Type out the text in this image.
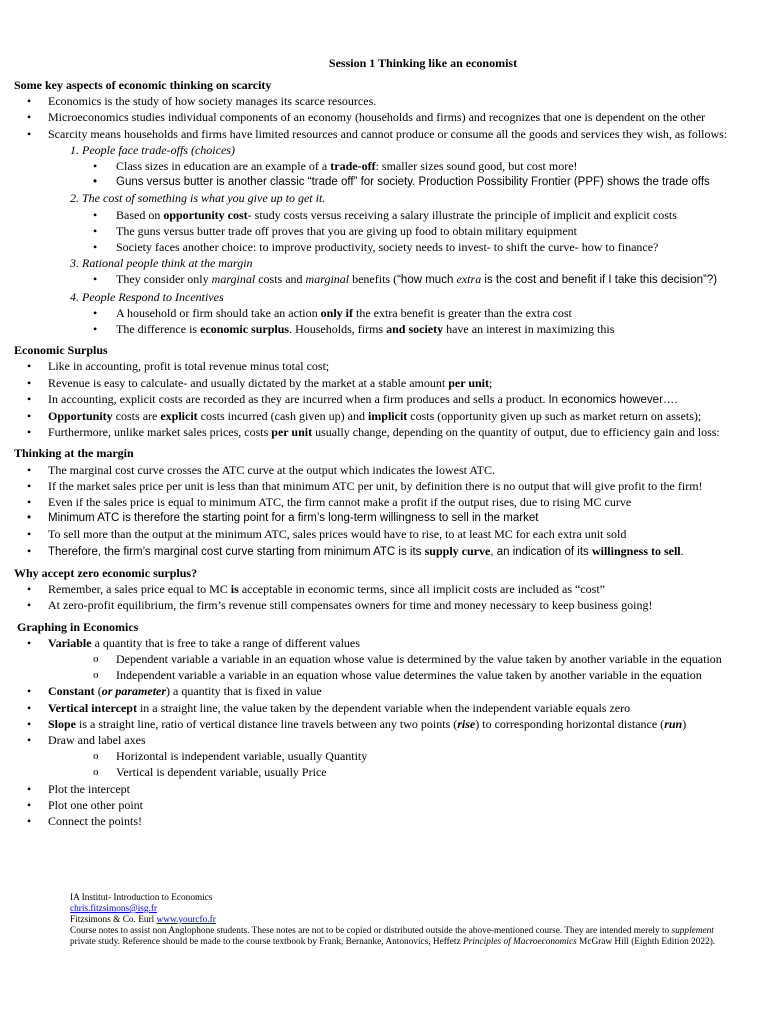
Session 1 Thinking like an economist
Some key aspects of economic thinking on scarcity
• Economics is the study of how society manages its scarce resources.
• Microeconomics studies individual components of an economy (households and firms) and recognizes that one is dependent on the other
• Scarcity means households and firms have limited resources and cannot produce or consume all the goods and services they wish, as follows:
1. People face trade-offs (choices)
• Class sizes in education are an example of a trade-off: smaller sizes sound good, but cost more!
• Guns versus butter is another classic “trade off” for society. Production Possibility Frontier (PPF) shows the trade offs
2. The cost of something is what you give up to get it.
• Based on opportunity cost- study costs versus receiving a salary illustrate the principle of implicit and explicit costs
• The guns versus butter trade off proves that you are giving up food to obtain military equipment
• Society faces another choice: to improve productivity, society needs to invest- to shift the curve- how to finance?
3. Rational people think at the margin
• They consider only marginal costs and marginal benefits (“how much extra is the cost and benefit if I take this decision”?)
4. People Respond to Incentives
• A household or firm should take an action only if the extra benefit is greater than the extra cost
• The difference is economic surplus. Households, firms and society have an interest in maximizing this
Economic Surplus
• Like in accounting, profit is total revenue minus total cost;
• Revenue is easy to calculate- and usually dictated by the market at a stable amount per unit;
• In accounting, explicit costs are recorded as they are incurred when a firm produces and sells a product. In economics however….
• Opportunity costs are explicit costs incurred (cash given up) and implicit costs (opportunity given up such as market return on assets);
• Furthermore, unlike market sales prices, costs per unit usually change, depending on the quantity of output, due to efficiency gain and loss:
Thinking at the margin
• The marginal cost curve crosses the ATC curve at the output which indicates the lowest ATC.
• If the market sales price per unit is less than that minimum ATC per unit, by definition there is no output that will give profit to the firm!
• Even if the sales price is equal to minimum ATC, the firm cannot make a profit if the output rises, due to rising MC curve
• Minimum ATC is therefore the starting point for a firm’s long-term willingness to sell in the market
• To sell more than the output at the minimum ATC, sales prices would have to rise, to at least MC for each extra unit sold
• Therefore, the firm’s marginal cost curve starting from minimum ATC is its supply curve, an indication of its willingness to sell.
Why accept zero economic surplus?
• Remember, a sales price equal to MC is acceptable in economic terms, since all implicit costs are included as “cost”
• At zero-profit equilibrium, the firm’s revenue still compensates owners for time and money necessary to keep business going!
Graphing in Economics
• Variable a quantity that is free to take a range of different values
o Dependent variable a variable in an equation whose value is determined by the value taken by another variable in the equation
o Independent variable a variable in an equation whose value determines the value taken by another variable in the equation
• Constant (or parameter) a quantity that is fixed in value
• Vertical intercept in a straight line, the value taken by the dependent variable when the independent variable equals zero
• Slope is a straight line, ratio of vertical distance line travels between any two points (rise) to corresponding horizontal distance (run)
• Draw and label axes
o Horizontal is independent variable, usually Quantity
o Vertical is dependent variable, usually Price
• Plot the intercept
• Plot one other point
• Connect the points!
IA Institut- Introduction to Economics
chris.fitzsimons@isg.fr
Fitzsimons & Co. Eurl www.yourcfo.fr
Course notes to assist non Anglophone students. These notes are not to be copied or distributed outside the above-mentioned course. They are intended merely to supplement private study. Reference should be made to the course textbook by Frank, Bernanke, Antonovics, Heffetz Principles of Macroeconomics McGraw Hill (Eighth Edition 2022).
